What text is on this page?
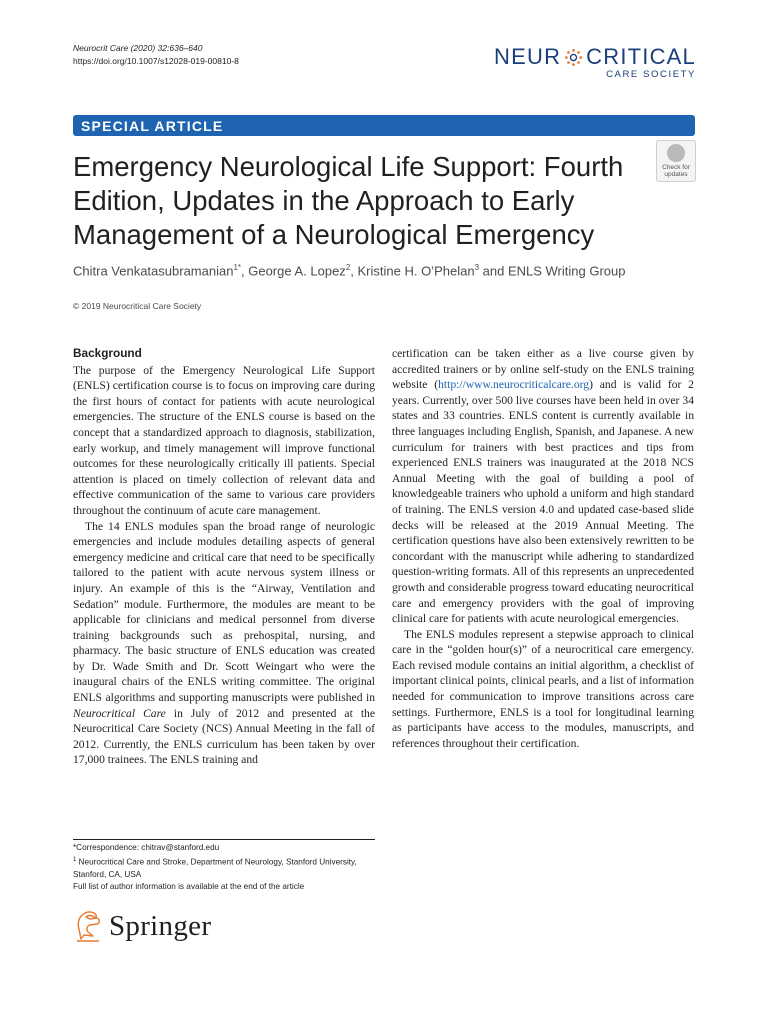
Neurocrit Care (2020) 32:636–640
https://doi.org/10.1007/s12028-019-00810-8	NEUR CRITICAL
CARE SOCIETY
SPECIAL ARTICLE
Emergency Neurological Life Support: Fourth Edition, Updates in the Approach to Early Management of a Neurological Emergency
Check for
updates
Chitra Venkatasubramanian$^{1*}$, George A. Lopez$^2$, Kristine H. O’Phelan$^3$ and ENLS Writing Group
© 2019 Neurocritical Care Society
Background

The purpose of the Emergency Neurological Life Support (ENLS) certification course is to focus on improving care during the first hours of contact for patients with acute neurological emergencies. The structure of the ENLS course is based on the concept that a standardized approach to diagnosis, stabilization, early workup, and timely management will improve functional outcomes for these neurologically critically ill patients. Special attention is placed on timely collection of relevant data and effective communication of the same to various care providers throughout the continuum of acute care management.

The 14 ENLS modules span the broad range of neurologic emergencies and include modules detailing aspects of general emergency medicine and critical care that need to be specifically tailored to the patient with acute nervous system illness or injury. An example of this is the “Airway, Ventilation and Sedation” module. Furthermore, the modules are meant to be applicable for clinicians and medical personnel from diverse training backgrounds such as prehospital, nursing, and pharmacy. The basic structure of ENLS education was created by Dr. Wade Smith and Dr. Scott Weingart who were the inaugural chairs of the ENLS writing committee. The original ENLS algorithms and supporting manuscripts were published in Neurocritical Care in July of 2012 and presented at the Neurocritical Care Society (NCS) Annual Meeting in the fall of 2012. Currently, the ENLS curriculum has been taken by over 17,000 trainees. The ENLS training and

certification can be taken either as a live course given by accredited trainers or by online self-study on the ENLS training website (http://www.neurocriticalcare.org) and is valid for 2 years. Currently, over 500 live courses have been held in over 34 states and 33 countries. ENLS content is currently available in three languages including English, Spanish, and Japanese. A new curriculum for trainers with best practices and tips from experienced ENLS trainers was inaugurated at the 2018 NCS Annual Meeting with the goal of building a pool of knowledgeable trainers who uphold a uniform and high standard of training. The ENLS version 4.0 and updated case-based slide decks will be released at the 2019 Annual Meeting. The certification questions have also been extensively rewritten to be concordant with the manuscript while adhering to standardized question-writing formats. All of this represents an unprecedented growth and considerable progress toward educating neurocritical care and emergency providers with the goal of improving clinical care for patients with acute neurological emergencies.

The ENLS modules represent a stepwise approach to clinical care in the “golden hour(s)” of a neurocritical care emergency. Each revised module contains an initial algorithm, a checklist of important clinical points, clinical pearls, and a list of information needed for communication to improve transitions across care settings. Furthermore, ENLS is a tool for longitudinal learning as participants have access to the modules, manuscripts, and references throughout their certification.

*Correspondence: chitrav@stanford.edu
$^1$ Neurocritical Care and Stroke, Department of Neurology, Stanford University, Stanford, CA, USA
Full list of author information is available at the end of the article
Springer
